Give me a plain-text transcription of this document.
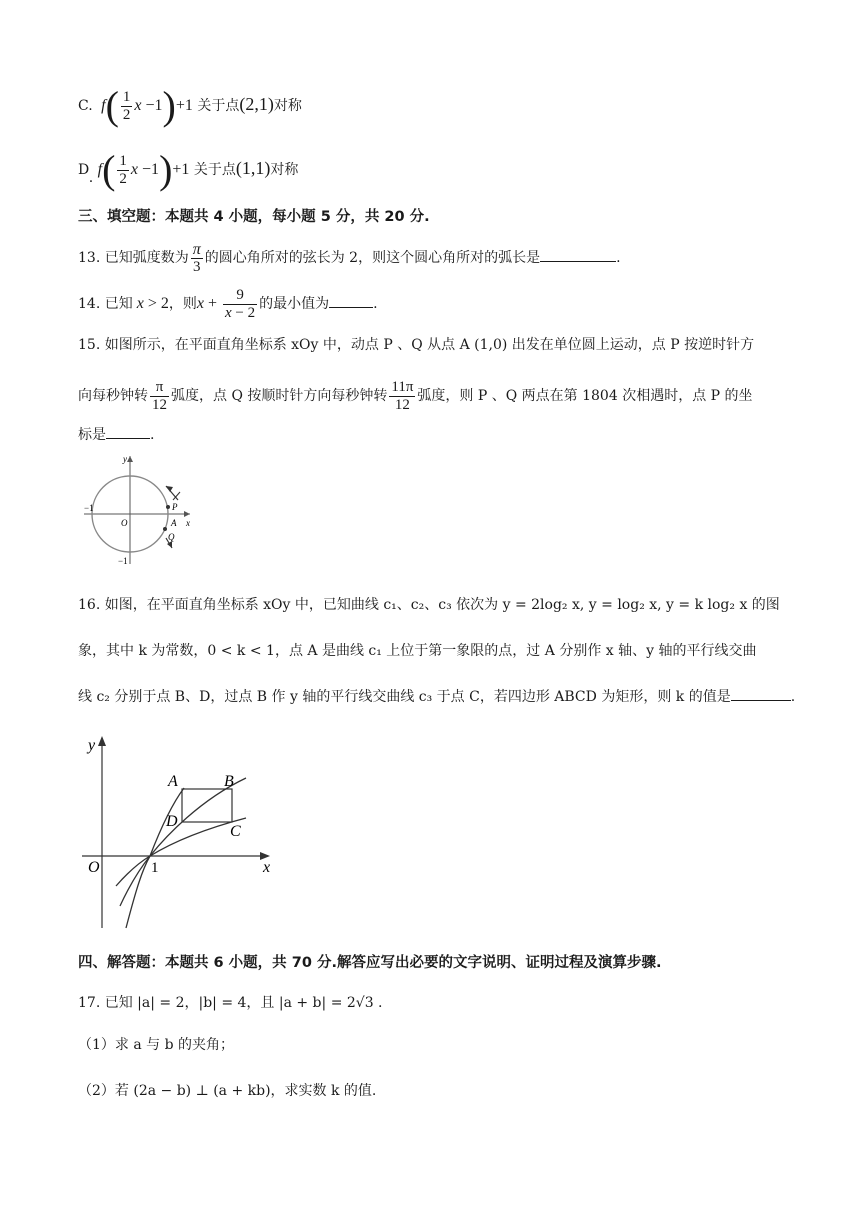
C.  $f( \frac{1}{2}$ x −1)+1 关于点(2,1)对称
D. $f( \frac{1}{2}$ x −1)+1 关于点(1,1)对称
三、填空题：本题共 4 小题，每小题 5 分，共 20 分.
13. 已知弧度数为 $\frac{\pi}{3}$ 的圆心角所对的弦长为 2，则这个圆心角所对的弧长是	.
14. 已知 x > 2，则$x + \frac{9}{x - 2}$ 的最小值为	.
15. 如图所示，在平面直角坐标系 xOy 中，动点 P 、Q 从点 A (1,0) 出发在单位圆上运动，点 P 按逆时针方
向每秒钟转 $\frac{\pi}{12}$ 弧度，点 Q 按顺时针方向每秒钟转 $\frac{11\pi}{12}$ 弧度，则 P 、Q 两点在第 1804 次相遇时，点 P 的坐
标是	.
y
x
O	A
P
Q
−1
−1
16. 如图，在平面直角坐标系 xOy 中，已知曲线 c₁、c₂、c₃ 依次为 y = 2log₂ x, y = log₂ x, y = k log₂ x 的图
象，其中 k 为常数，0 < k < 1，点 A 是曲线 c₁ 上位于第一象限的点，过 A 分别作 x 轴、y 轴的平行线交曲
线 c₂ 分别于点 B、D，过点 B 作 y 轴的平行线交曲线 c₃ 于点 C，若四边形 ABCD 为矩形，则 k 的值是	.
y
x
O	1
A	B
C
D
四、解答题：本题共 6 小题，共 70 分.解答应写出必要的文字说明、证明过程及演算步骤.
17. 已知 |a| = 2，|b| = 4，且 |a + b| = 2√3 .
（1）求 a 与 b 的夹角；
（2）若 (2a − b) ⊥ (a + kb)，求实数 k 的值.
